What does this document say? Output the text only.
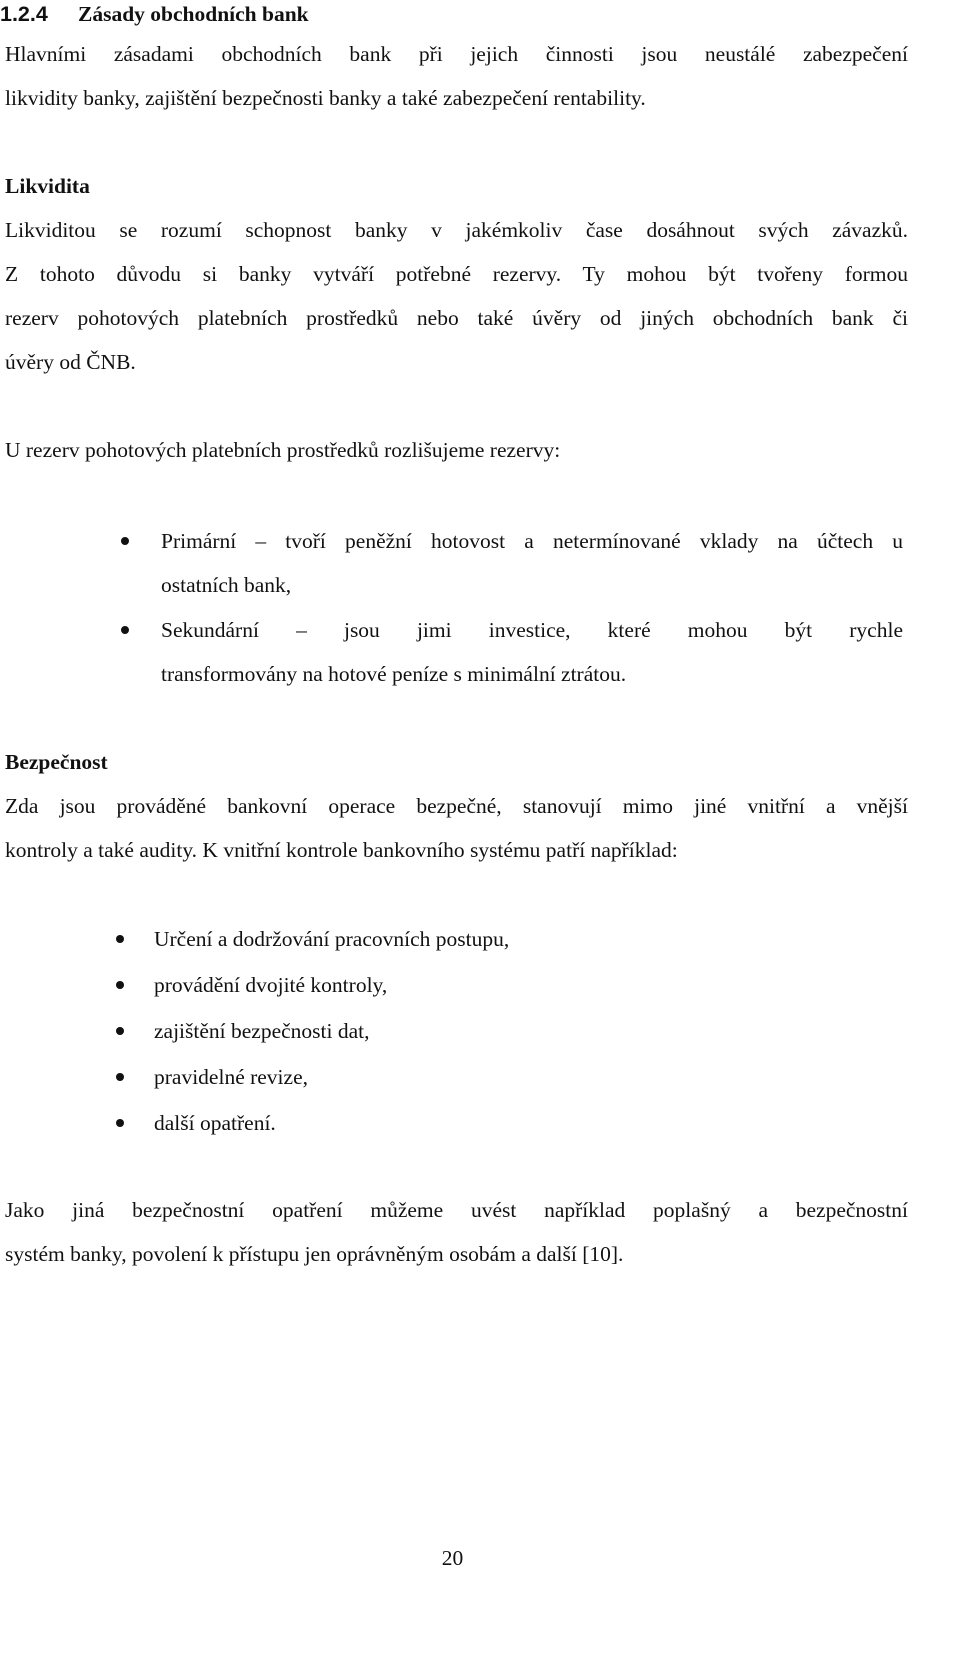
1.2.4 Zásady obchodních bank

Hlavními zásadami obchodních bank při jejich činnosti jsou neustálé zabezpečení

likvidity banky, zajištění bezpečnosti banky a také zabezpečení rentability.

Likvidita

Likviditou se rozumí schopnost banky v jakémkoliv čase dosáhnout svých závazků.

Z tohoto důvodu si banky vytváří potřebné rezervy. Ty mohou být tvořeny formou

rezerv pohotových platebních prostředků nebo také úvěry od jiných obchodních bank či

úvěry od ČNB.

U rezerv pohotových platebních prostředků rozlišujeme rezervy:

Primární – tvoří peněžní hotovost a netermínované vklady na účtech u

ostatních bank,

Sekundární – jsou jimi investice, které mohou být rychle

transformovány na hotové peníze s minimální ztrátou.

Bezpečnost

Zda jsou prováděné bankovní operace bezpečné, stanovují mimo jiné vnitřní a vnější

kontroly a také audity. K vnitřní kontrole bankovního systému patří například:

Určení a dodržování pracovních postupu,

provádění dvojité kontroly,

zajištění bezpečnosti dat,

pravidelné revize,

další opatření.

Jako jiná bezpečnostní opatření můžeme uvést například poplašný a bezpečnostní

systém banky, povolení k přístupu jen oprávněným osobám a další [10].

20
